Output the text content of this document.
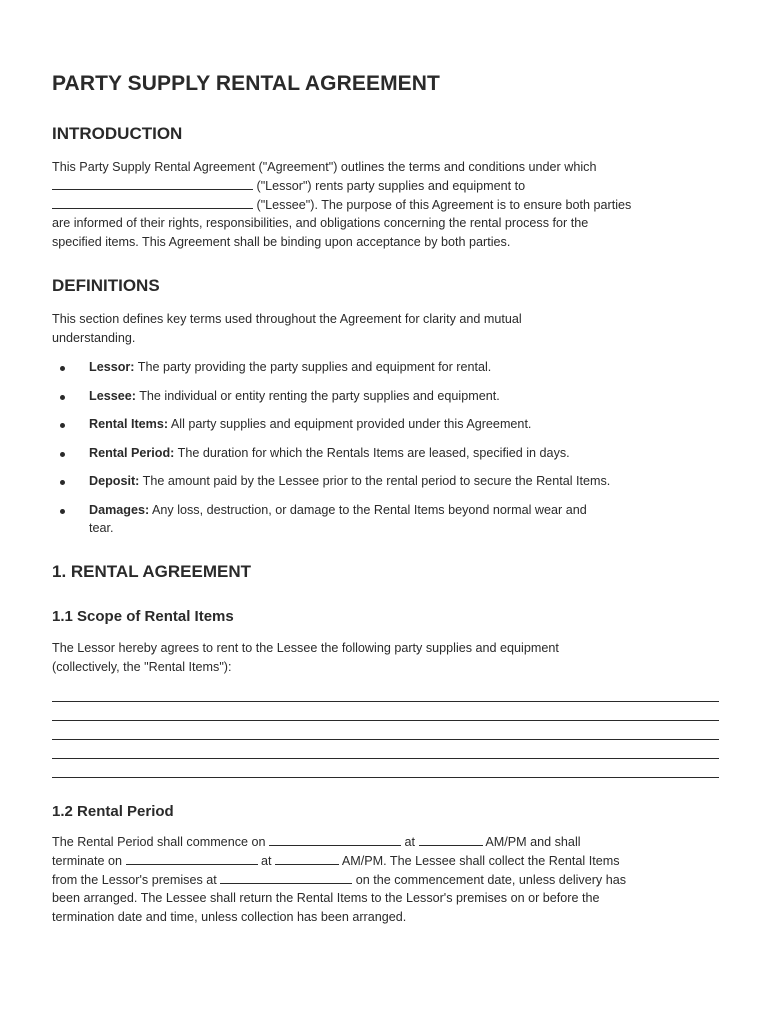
PARTY SUPPLY RENTAL AGREEMENT
INTRODUCTION
This Party Supply Rental Agreement ("Agreement") outlines the terms and conditions under which
("Lessor") rents party supplies and equipment to
("Lessee"). The purpose of this Agreement is to ensure both parties
are informed of their rights, responsibilities, and obligations concerning the rental process for the
specified items. This Agreement shall be binding upon acceptance by both parties.
DEFINITIONS
This section defines key terms used throughout the Agreement for clarity and mutual
understanding.
Lessor: The party providing the party supplies and equipment for rental.
Lessee: The individual or entity renting the party supplies and equipment.
Rental Items: All party supplies and equipment provided under this Agreement.
Rental Period: The duration for which the Rentals Items are leased, specified in days.
Deposit: The amount paid by the Lessee prior to the rental period to secure the Rental Items.
Damages: Any loss, destruction, or damage to the Rental Items beyond normal wear and
tear.
1. RENTAL AGREEMENT
1.1 Scope of Rental Items
The Lessor hereby agrees to rent to the Lessee the following party supplies and equipment
(collectively, the "Rental Items"):
1.2 Rental Period
The Rental Period shall commence on	at	AM/PM and shall
terminate on	at	AM/PM. The Lessee shall collect the Rental Items
from the Lessor's premises at	on the commencement date, unless delivery has
been arranged. The Lessee shall return the Rental Items to the Lessor's premises on or before the
termination date and time, unless collection has been arranged.
